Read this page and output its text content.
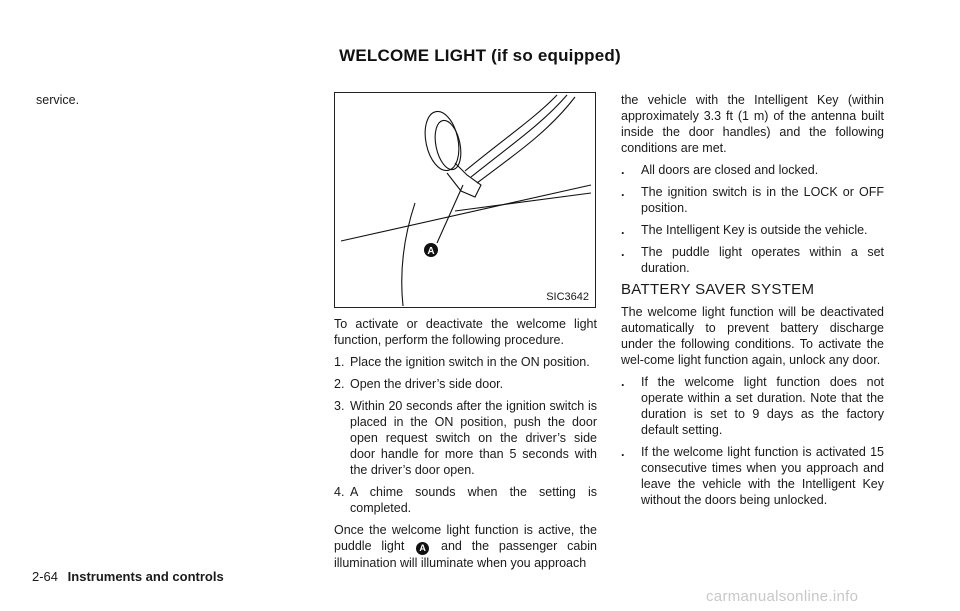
WELCOME LIGHT (if so equipped)

service.

A
SIC3642

To activate or deactivate the welcome light function, perform the following procedure.

1. Place the ignition switch in the ON position.
2. Open the driver’s side door.
3. Within 20 seconds after the ignition switch is placed in the ON position, push the door open request switch on the driver’s side door handle for more than 5 seconds with the driver’s door open.
4. A chime sounds when the setting is completed.

Once the welcome light function is active, the puddle light A and the passenger cabin illumination will illuminate when you approach

the vehicle with the Intelligent Key (within approximately 3.3 ft (1 m) of the antenna built inside the door handles) and the following conditions are met.

.	All doors are closed and locked.
.	The ignition switch is in the LOCK or OFF position.
.	The Intelligent Key is outside the vehicle.
.	The puddle light operates within a set duration.
BATTERY SAVER SYSTEM

The welcome light function will be deactivated automatically to prevent battery discharge under the following conditions. To activate the wel-come light function again, unlock any door.

.	If the welcome light function does not operate within a set duration. Note that the duration is set to 9 days as the factory default setting.
.	If the welcome light function is activated 15 consecutive times when you approach and leave the vehicle with the Intelligent Key without the doors being unlocked.
2-64 Instruments and controls
carmanualsonline.info
